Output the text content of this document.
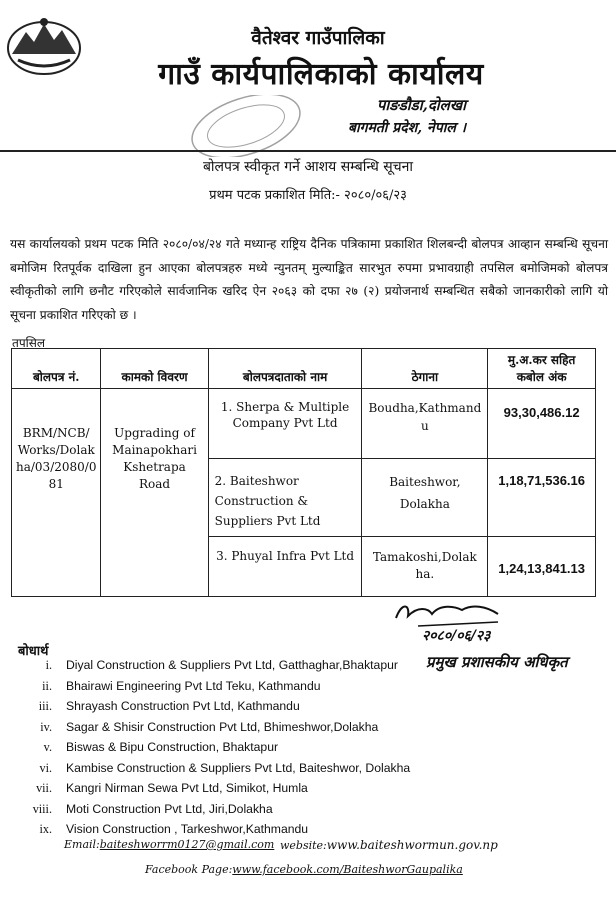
वैतेश्वर गाउँपालिका
गाउँ कार्यपालिकाको कार्यालय
पाङडौडा,दोलखा
बागमती प्रदेश, नेपाल ।
बोलपत्र स्वीकृत गर्ने आशय सम्बन्धि सूचना
प्रथम पटक प्रकाशित मिति:- २०८०/०६/२३
यस कार्यालयको प्रथम पटक मिति २०८०/०४/२४ गते मध्यान्ह राष्ट्रिय दैनिक पत्रिकामा प्रकाशित शिलबन्दी बोलपत्र आव्हान सम्बन्धि सूचना बमोजिम रितपूर्वक दाखिला हुन आएका बोलपत्रहरु मध्ये न्युनतम् मुल्याङ्कित सारभुत रुपमा प्रभावग्राही तपसिल बमोजिमको बोलपत्र स्वीकृतीको लागि छनौट गरिएकोले सार्वजानिक खरिद ऐन २०६३ को दफा २७ (२) प्रयोजनार्थ सम्बन्धित सबैको जानकारीको लागि यो सूचना प्रकाशित गरिएको छ ।
तपसिल
बोलपत्र नं.	कामको विवरण	बोलपत्रदाताको नाम	ठेगाना	मु.अ.कर सहित कबोल अंक
BRM/NCB/ Works/Dolak ha/03/2080/0 81	Upgrading of Mainapokhari Kshetrapa Road	1. Sherpa & Multiple Company Pvt Ltd	Boudha,Kathmand u	93,30,486.12
		2. Baiteshwor Construction & Suppliers Pvt Ltd	Baiteshwor, Dolakha	1,18,71,536.16
		3. Phuyal Infra Pvt Ltd	Tamakoshi,Dolak ha.	1,24,13,841.13
२०८०/०६/२३
प्रमुख प्रशासकीय अधिकृत
बोधार्थ
i. Diyal Construction & Suppliers Pvt Ltd, Gatthaghar,Bhaktapur
ii. Bhairawi Engineering Pvt Ltd Teku, Kathmandu
iii. Shrayash Construction Pvt Ltd, Kathmandu
iv. Sagar & Shisir Construction Pvt Ltd, Bhimeshwor,Dolakha
v. Biswas & Bipu Construction, Bhaktapur
vi. Kambise Construction & Suppliers Pvt Ltd, Baiteshwor, Dolakha
vii. Kangri Nirman Sewa Pvt Ltd, Simikot, Humla
viii. Moti Construction Pvt Ltd, Jiri,Dolakha
ix. Vision Construction , Tarkeshwor,Kathmandu
Email:baiteshworrm0127@gmail.com website:www.baiteshwormun.gov.np
Facebook Page:www.facebook.com/BaiteshworGaupalika
